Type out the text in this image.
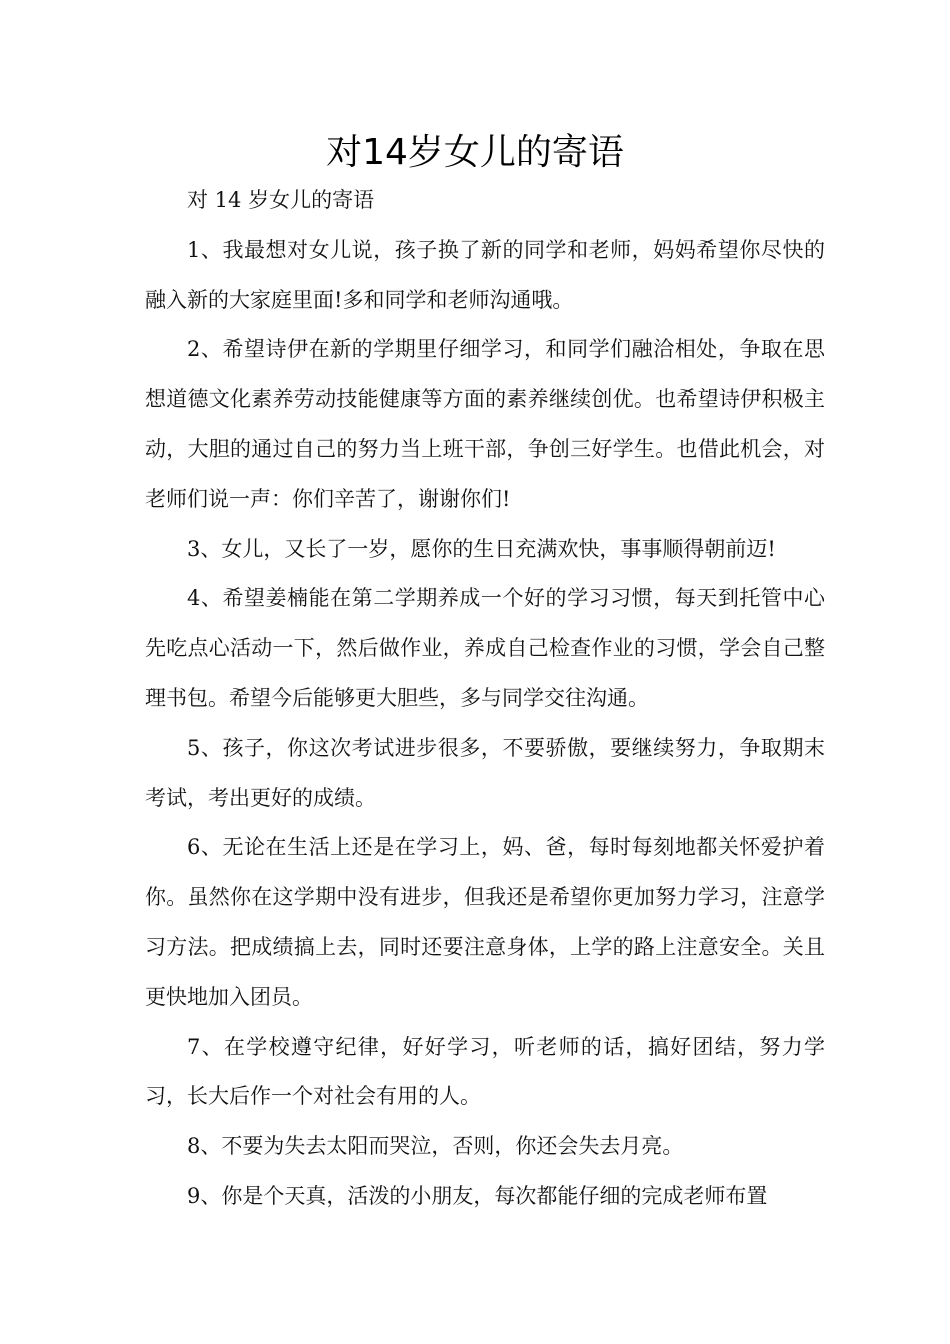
对14岁女儿的寄语

对 14 岁女儿的寄语

1、我最想对女儿说，孩子换了新的同学和老师，妈妈希望你尽快的融入新的大家庭里面!多和同学和老师沟通哦。

2、希望诗伊在新的学期里仔细学习，和同学们融洽相处，争取在思想道德文化素养劳动技能健康等方面的素养继续创优。也希望诗伊积极主动，大胆的通过自己的努力当上班干部，争创三好学生。也借此机会，对老师们说一声：你们辛苦了，谢谢你们!

3、女儿，又长了一岁，愿你的生日充满欢快，事事顺得朝前迈!

4、希望姜楠能在第二学期养成一个好的学习习惯，每天到托管中心先吃点心活动一下，然后做作业，养成自己检查作业的习惯，学会自己整理书包。希望今后能够更大胆些，多与同学交往沟通。

5、孩子，你这次考试进步很多，不要骄傲，要继续努力，争取期末考试，考出更好的成绩。

6、无论在生活上还是在学习上，妈、爸，每时每刻地都关怀爱护着你。虽然你在这学期中没有进步，但我还是希望你更加努力学习，注意学习方法。把成绩搞上去，同时还要注意身体，上学的路上注意安全。关且更快地加入团员。

7、在学校遵守纪律，好好学习，听老师的话，搞好团结，努力学习，长大后作一个对社会有用的人。

8、不要为失去太阳而哭泣，否则，你还会失去月亮。

9、你是个天真，活泼的小朋友，每次都能仔细的完成老师布置
